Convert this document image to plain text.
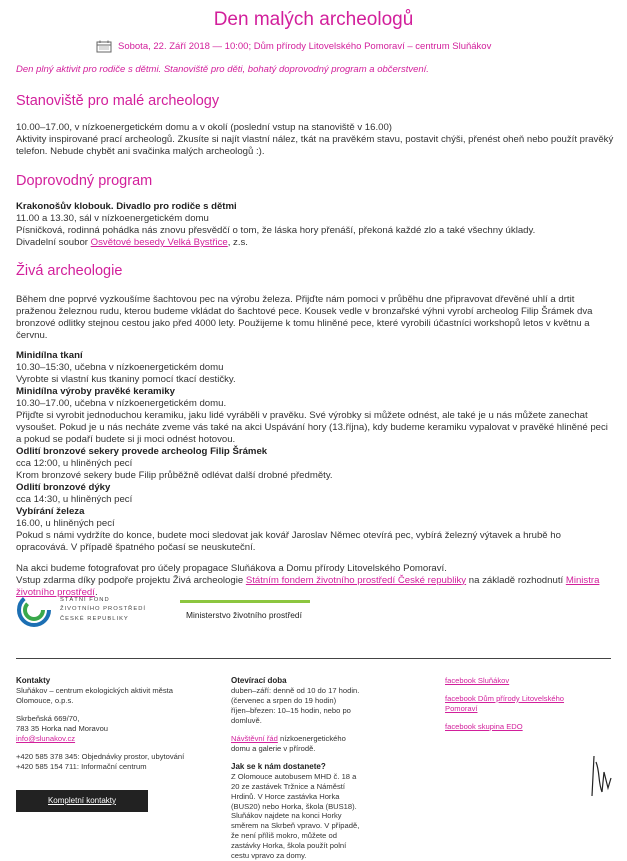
Den malých archeologů
Sobota, 22. Září 2018 — 10:00; Dům přírody Litovelského Pomoraví – centrum Sluňákov
Den plný aktivit pro rodiče s dětmi. Stanoviště pro děti, bohatý doprovodný program a občerstvení.
Stanoviště pro malé archeology

10.00–17.00, v nízkoenergetickém domu a v okolí (poslední vstup na stanoviště v 16.00)

Aktivity inspirované prací archeologů. Zkusíte si najít vlastní nález, tkát na pravěkém stavu, postavit chýši, přenést oheň nebo použít pravěký telefon. Nebude chybět ani svačinka malých archeologů :).

Doprovodný program

Krakonošův klobouk. Divadlo pro rodiče s dětmi

11.00 a 13.30, sál v nízkoenergetickém domu

Písničková, rodinná pohádka nás znovu přesvědčí o tom, že láska hory přenáší, překoná každé zlo a také všechny úklady.

Divadelní soubor Osvětové besedy Velká Bystřice, z.s.

Živá archeologie

Během dne poprvé vyzkoušíme šachtovou pec na výrobu železa. Přijďte nám pomoci v průběhu dne připravovat dřevěné uhlí a drtit praženou železnou rudu, kterou budeme vkládat do šachtové pece. Kousek vedle v bronzařské výhni vyrobí archeolog Filip Šrámek dva bronzové odlitky stejnou cestou jako před 4000 lety. Použijeme k tomu hliněné pece, které vyrobili účastníci workshopů letos v květnu a červnu.

Minidílna tkaní

10.30–15:30, učebna v nízkoenergetickém domu

Vyrobte si vlastní kus tkaniny pomocí tkací destičky.

Minidílna výroby pravěké keramiky

10.30–17.00, učebna v nízkoenergetickém domu.

Přijďte si vyrobit jednoduchou keramiku, jaku lidé vyráběli v pravěku. Své výrobky si můžete odnést, ale také je u nás můžete zanechat vysoušet. Pokud je u nás necháte zveme vás také na akci Uspávání hory (13.října), kdy budeme keramiku vypalovat v pravěké hliněné peci a pokud se podaří budete si ji moci odnést hotovou.

Odlití bronzové sekery provede archeolog Filip Šrámek

cca 12:00, u hliněných pecí

Krom bronzové sekery bude Filip průběžně odlévat další drobné předměty.

Odlití bronzové dýky

cca 14:30, u hliněných pecí

Vybírání železa

16.00, u hliněných pecí

Pokud s námi vydržíte do konce, budete moci sledovat jak kovář Jaroslav Němec otevírá pec, vybírá železný výtavek a hrubě ho opracovává. V případě špatného počasí se neuskuteční.

Na akci budeme fotografovat pro účely propagace Sluňákova a Domu přírody Litovelského Pomoraví.

Vstup zdarma díky podpoře projektu Živá archeologie Státním fondem životního prostředí České republiky na základě rozhodnutí Ministra životního prostředí.

STÁTNÍ FOND
ŽIVOTNÍHO PROSTŘEDÍ
ČESKÉ REPUBLIKY	Ministerstvo životního prostředí

Kontakty

Sluňákov – centrum ekologických aktivit města Olomouce, o.p.s.

Skrbeňská 669/70,

783 35 Horka nad Moravou

info@slunakov.cz

+420 585 378 345: Objednávky prostor, ubytování

+420 585 154 711: Informační centrum

Kompletní kontakty

Otevírací doba

duben–září: denně od 10 do 17 hodin. (červenec a srpen do 19 hodin)

říjen–březen: 10–15 hodin, nebo po domluvě.

Návštěvní řád nízkoenergetického domu a galerie v přírodě.

Jak se k nám dostanete?

Z Olomouce autobusem MHD č. 18 a 20 ze zastávek Tržnice a Náměstí Hrdinů. V Horce zastávka Horka (BUS20) nebo Horka, škola (BUS18). Sluňákov najdete na konci Horky směrem na Skrbeň vpravo. V případě, že není příliš mokro, můžete od zastávky Horka, škola použít polní cestu vpravo za domy.

facebook Sluňákov
facebook Dům přírody Litovelského Pomoraví
facebook skupina EDO
